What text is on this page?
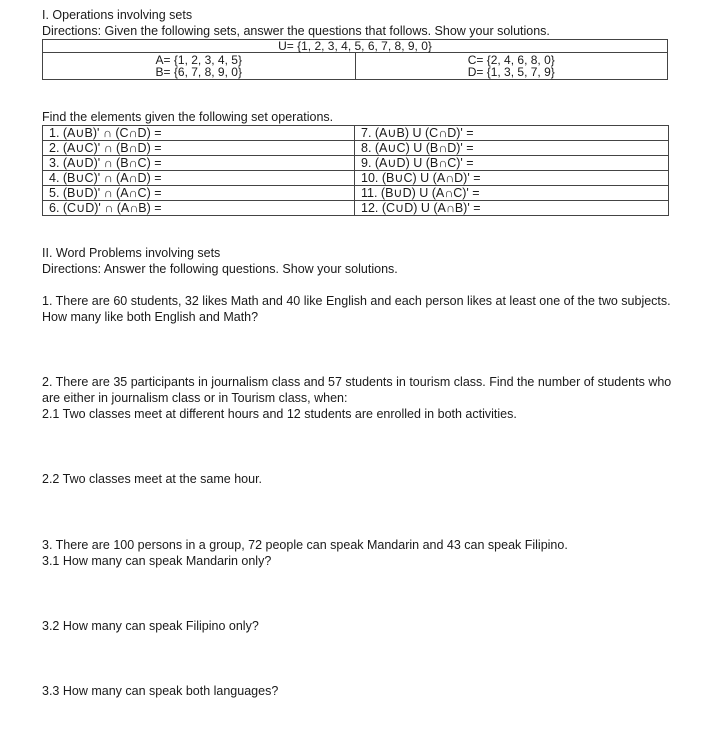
I. Operations involving sets
Directions: Given the following sets, answer the questions that follows. Show your solutions.
U= {1, 2, 3, 4, 5, 6, 7, 8, 9, 0}

A= {1, 2, 3, 4, 5}
B= {6, 7, 8, 9, 0}

C= {2, 4, 6, 8, 0}
D= {1, 3, 5, 7, 9}
Find the elements given the following set operations.
1. (A∪B)' ∩ (C∩D) =	7. (A∪B) U (C∩D)' =
2. (A∪C)' ∩ (B∩D) =	8. (A∪C) U (B∩D)' =
3. (A∪D)' ∩ (B∩C) =	9. (A∪D) U (B∩C)' =
4. (B∪C)' ∩ (A∩D) =	10. (B∪C) U (A∩D)' =
5. (B∪D)' ∩ (A∩C) =	11. (B∪D) U (A∩C)' =
6. (C∪D)' ∩ (A∩B) =	12. (C∪D) U (A∩B)' =
II. Word Problems involving sets
Directions: Answer the following questions. Show your solutions.
1. There are 60 students, 32 likes Math and 40 like English and each person likes at least one of the two subjects. How many like both English and Math?
2. There are 35 participants in journalism class and 57 students in tourism class. Find the number of students who are either in journalism class or in Tourism class, when:
2.1 Two classes meet at different hours and 12 students are enrolled in both activities.
2.2 Two classes meet at the same hour.
3. There are 100 persons in a group, 72 people can speak Mandarin and 43 can speak Filipino.
3.1 How many can speak Mandarin only?
3.2 How many can speak Filipino only?
3.3 How many can speak both languages?
